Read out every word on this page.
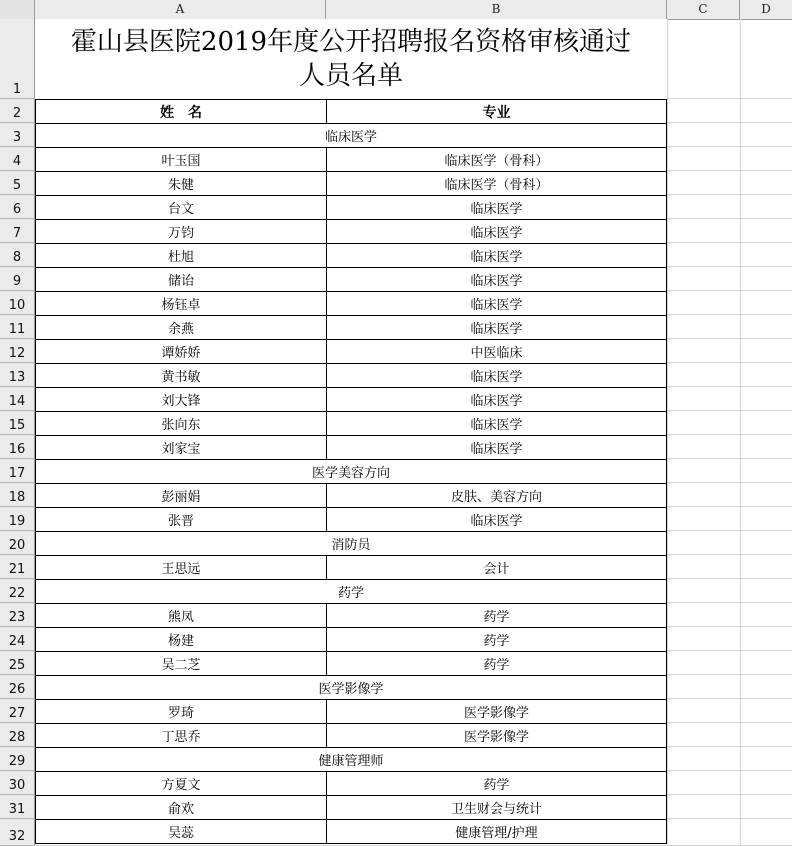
A	B	C	D
1
霍山县医院2019年度公开招聘报名资格审核通过
人员名单
2	姓　名	专业
3	临床医学
4	叶玉国	临床医学（骨科）
5	朱健	临床医学（骨科）
6	台文	临床医学
7	万钧	临床医学
8	杜旭	临床医学
9	储诒	临床医学
10	杨钰卓	临床医学
11	余燕	临床医学
12	谭娇娇	中医临床
13	黄书敏	临床医学
14	刘大锋	临床医学
15	张向东	临床医学
16	刘家宝	临床医学
17	医学美容方向
18	彭丽娟	皮肤、美容方向
19	张晋	临床医学
20	消防员
21	王思远	会计
22	药学
23	熊凤	药学
24	杨建	药学
25	吴二芝	药学
26	医学影像学
27	罗琦	医学影像学
28	丁思乔	医学影像学
29	健康管理师
30	方夏文	药学
31	俞欢	卫生财会与统计
32	吴蕊	健康管理/护理
